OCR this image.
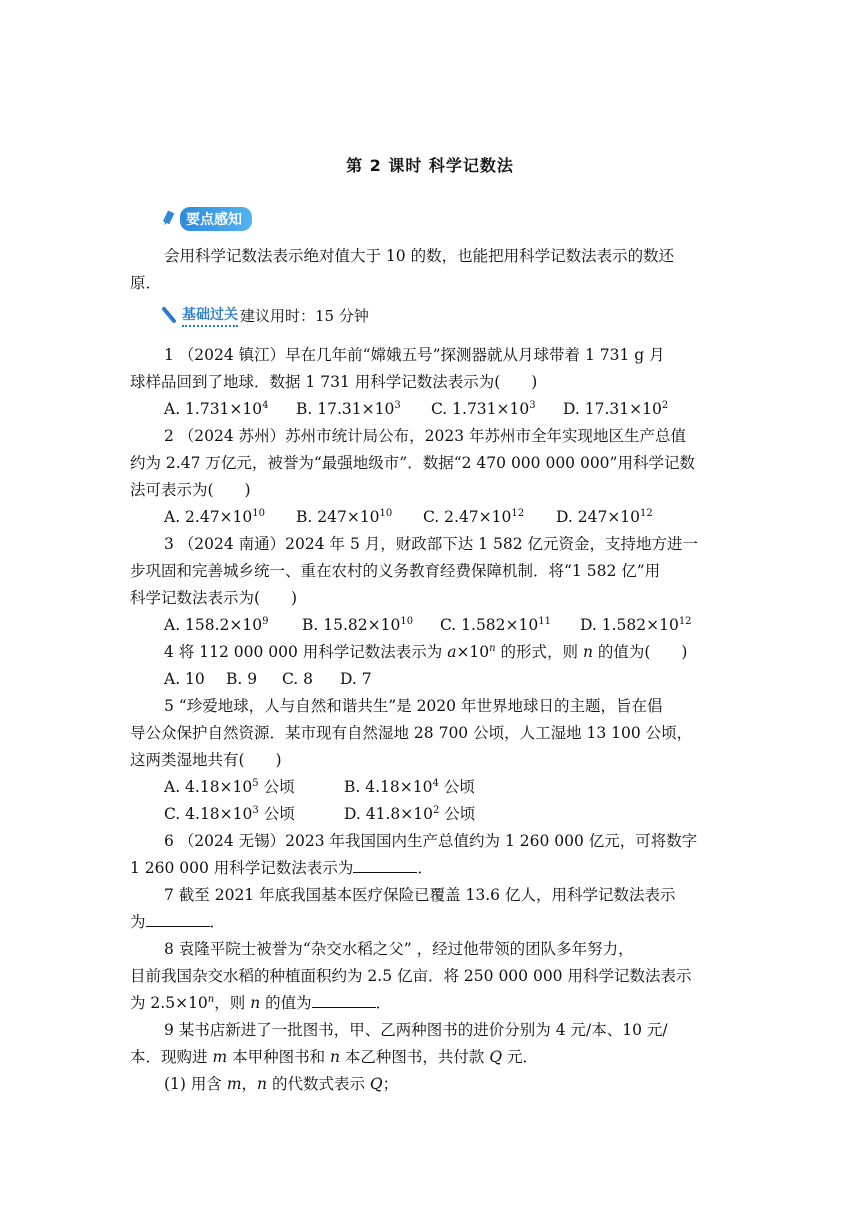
第 2 课时 科学记数法
要点感知
会用科学记数法表示绝对值大于 10 的数，也能把用科学记数法表示的数还
原．
基础过关 建议用时：15 分钟
1 （2024 镇江）早在几年前“嫦娥五号”探测器就从月球带着 1 731 g 月
球样品回到了地球．数据 1 731 用科学记数法表示为(　　)
A. $1.731\times 10^4$ B. $17.31\times 10^3$ C. $1.731\times 10^3$ D. $17.31\times 10^2$
2 （2024 苏州）苏州市统计局公布，2023 年苏州市全年实现地区生产总值
约为 2.47 万亿元，被誉为“最强地级市”．数据“2 470 000 000 000”用科学记数
法可表示为(　　)
A. $2.47\times 10^{10}$ B. $247\times 10^{10}$ C. $2.47\times 10^{12}$ D. $247\times 10^{12}$
3 （2024 南通）2024 年 5 月，财政部下达 1 582 亿元资金，支持地方进一
步巩固和完善城乡统一、重在农村的义务教育经费保障机制．将“1 582 亿”用
科学记数法表示为(　　)
A. $158.2\times 10^9$ B. $15.82\times 10^{10}$ C. $1.582\times 10^{11}$ D. $1.582\times 10^{12}$
4 将 112 000 000 用科学记数法表示为 $a\times 10^n$ 的形式，则 n 的值为(　　)
A. 10 B. 9 C. 8 D. 7
5 “珍爱地球，人与自然和谐共生”是 2020 年世界地球日的主题，旨在倡
导公众保护自然资源．某市现有自然湿地 28 700 公顷，人工湿地 13 100 公顷，
这两类湿地共有(　　)
A. $4.18\times 10^5$ 公顷	B. $4.18\times 10^4$ 公顷
C. $4.18\times 10^3$ 公顷	D. $41.8\times 10^2$ 公顷
6 （2024 无锡）2023 年我国国内生产总值约为 1 260 000 亿元，可将数字
1 260 000 用科学记数法表示为	．
7 截至 2021 年底我国基本医疗保险已覆盖 13.6 亿人，用科学记数法表示
为	．
8 袁隆平院士被誉为“杂交水稻之父” ，经过他带领的团队多年努力，
目前我国杂交水稻的种植面积约为 2.5 亿亩．将 250 000 000 用科学记数法表示
为 $2.5\times 10^n$，则 n 的值为	．
9 某书店新进了一批图书，甲、乙两种图书的进价分别为 4 元/本、10 元/
本．现购进 m 本甲种图书和 n 本乙种图书，共付款 Q 元．
(1) 用含 m，n 的代数式表示 Q；
